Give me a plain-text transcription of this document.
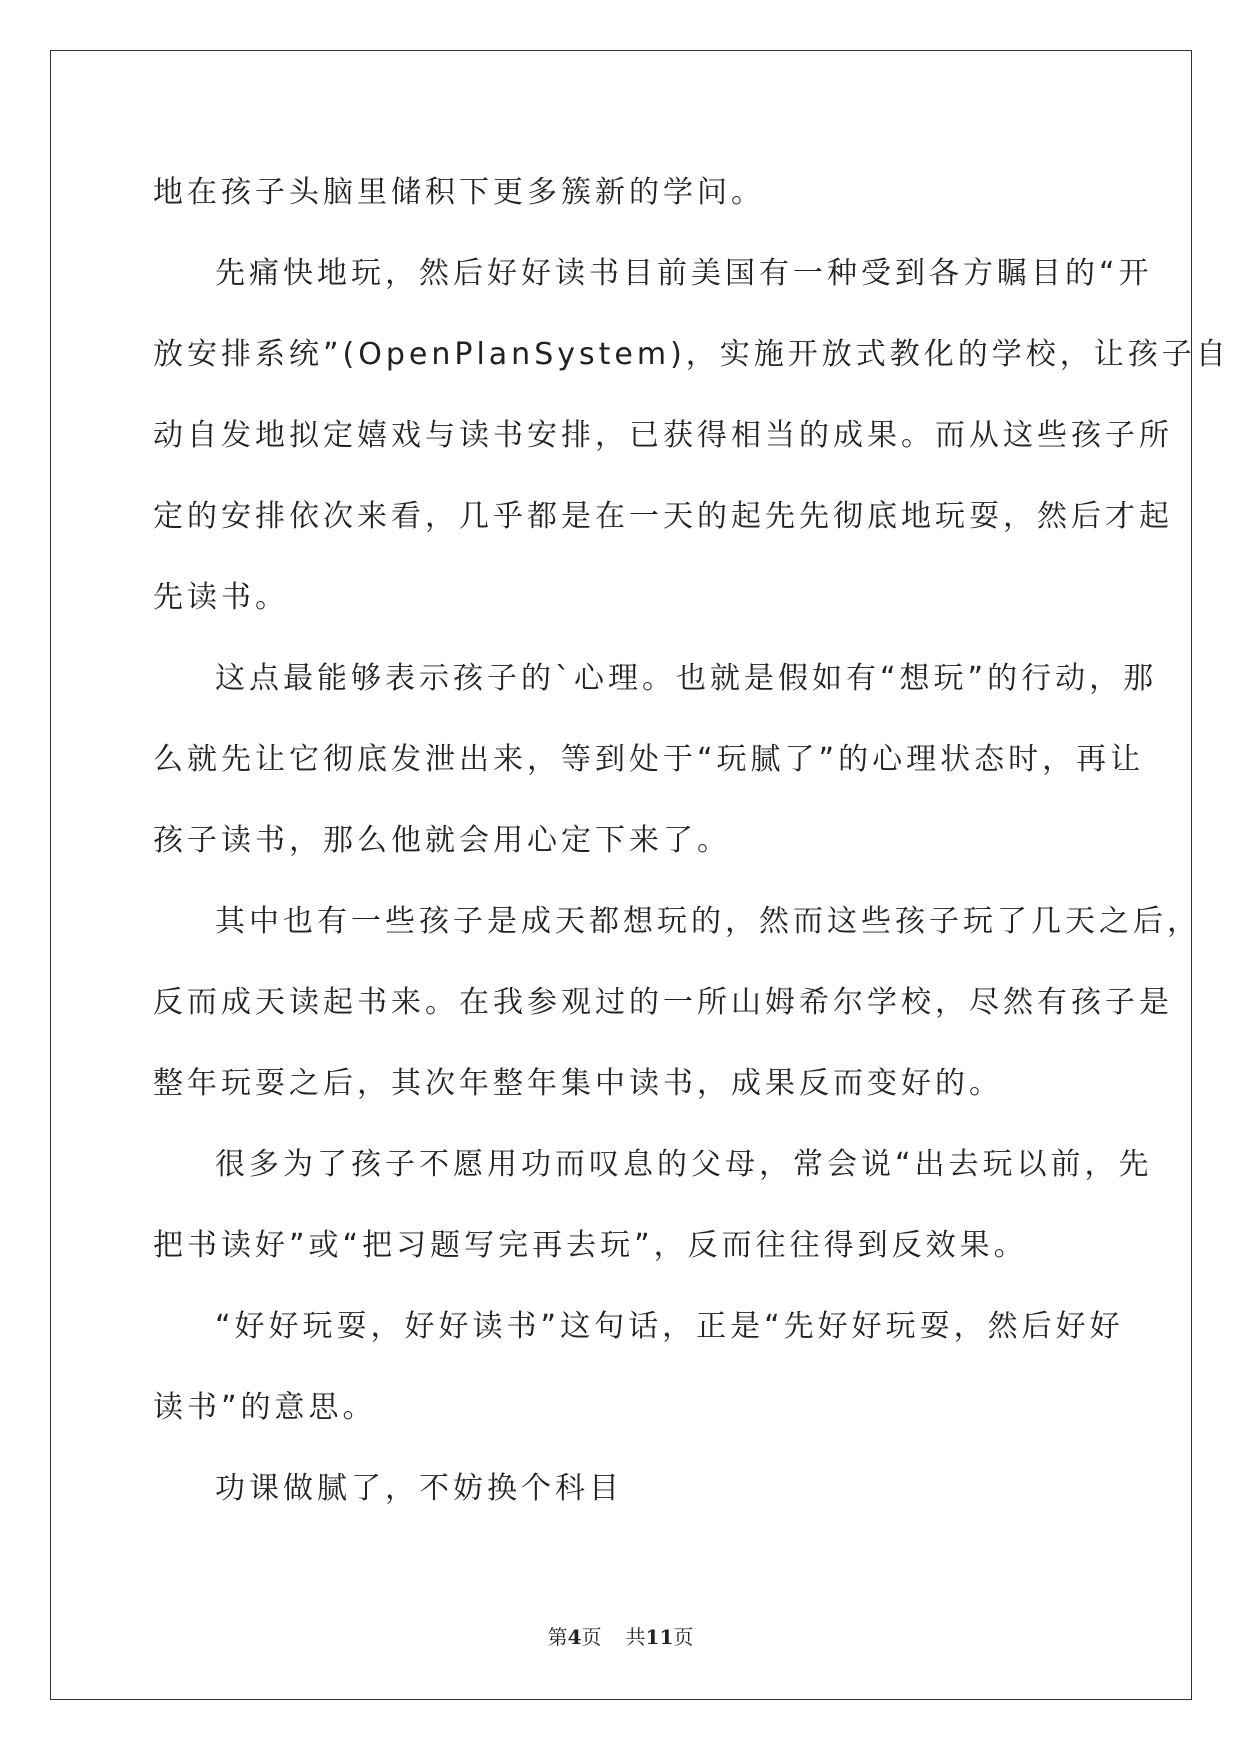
地在孩子头脑里储积下更多簇新的学问。
先痛快地玩，然后好好读书目前美国有一种受到各方瞩目的“开
放安排系统”(OpenPlanSystem)，实施开放式教化的学校，让孩子自
动自发地拟定嬉戏与读书安排，已获得相当的成果。而从这些孩子所
定的安排依次来看，几乎都是在一天的起先先彻底地玩耍，然后才起
先读书。
这点最能够表示孩子的`心理。也就是假如有“想玩”的行动，那
么就先让它彻底发泄出来，等到处于“玩腻了”的心理状态时，再让
孩子读书，那么他就会用心定下来了。
其中也有一些孩子是成天都想玩的，然而这些孩子玩了几天之后，
反而成天读起书来。在我参观过的一所山姆希尔学校，尽然有孩子是
整年玩耍之后，其次年整年集中读书，成果反而变好的。
很多为了孩子不愿用功而叹息的父母，常会说“出去玩以前，先
把书读好”或“把习题写完再去玩”，反而往往得到反效果。
“好好玩耍，好好读书”这句话，正是“先好好玩耍，然后好好
读书”的意思。
功课做腻了，不妨换个科目
第4页 共11页
